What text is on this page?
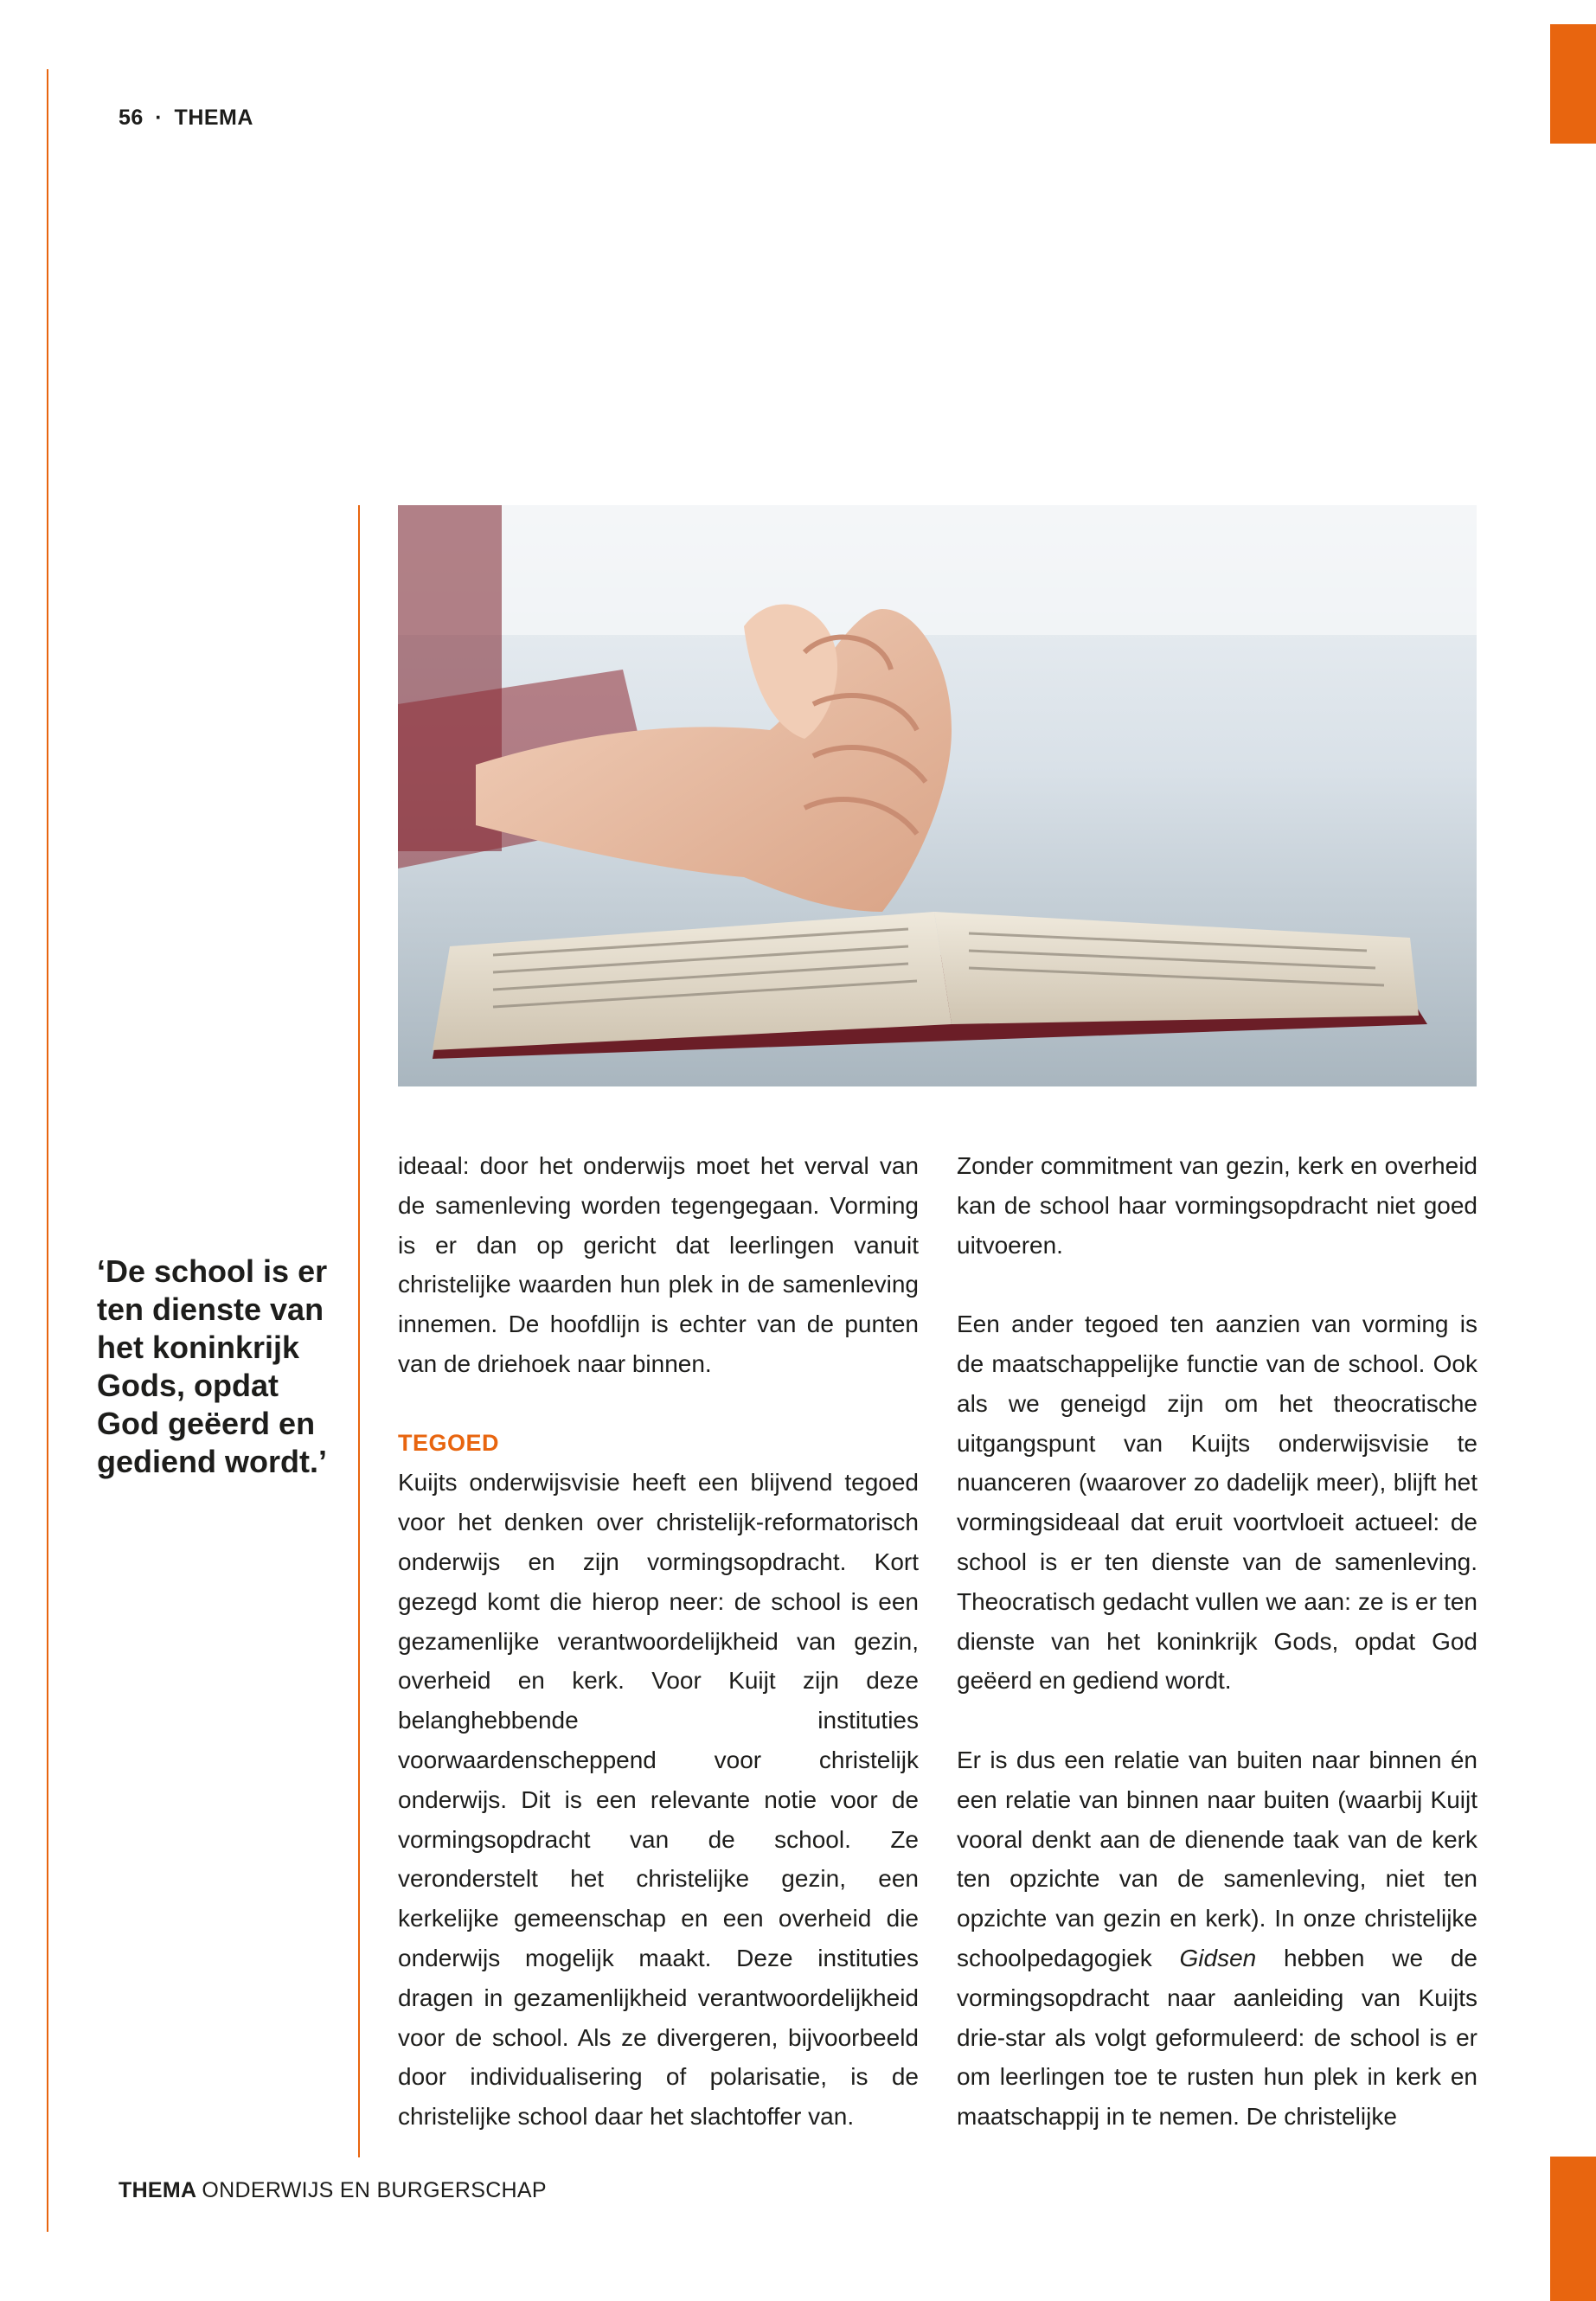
56 · THEMA
‘De school is er ten dienste van het koninkrijk Gods, opdat God geëerd en gediend wordt.’

ideaal: door het onderwijs moet het verval van de samenleving worden tegengegaan. Vorming is er dan op gericht dat leerlingen vanuit christelijke waarden hun plek in de samenleving innemen. De hoofdlijn is echter van de punten van de driehoek naar binnen.

TEGOED

Kuijts onderwijsvisie heeft een blijvend tegoed voor het denken over christelijk-reformatorisch onderwijs en zijn vormingsopdracht. Kort gezegd komt die hierop neer: de school is een gezamenlijke verantwoordelijkheid van gezin, overheid en kerk. Voor Kuijt zijn deze belanghebbende instituties voorwaardenscheppend voor christelijk onderwijs. Dit is een relevante notie voor de vormingsopdracht van de school. Ze veronderstelt het christelijke gezin, een kerkelijke gemeenschap en een overheid die onderwijs mogelijk maakt. Deze instituties dragen in gezamenlijkheid verantwoordelijkheid voor de school. Als ze divergeren, bijvoorbeeld door individualisering of polarisatie, is de christelijke school daar het slachtoffer van.

Zonder commitment van gezin, kerk en overheid kan de school haar vormingsopdracht niet goed uitvoeren.

Een ander tegoed ten aanzien van vorming is de maatschappelijke functie van de school. Ook als we geneigd zijn om het theocratische uitgangspunt van Kuijts onderwijsvisie te nuanceren (waarover zo dadelijk meer), blijft het vormingsideaal dat eruit voortvloeit actueel: de school is er ten dienste van de samenleving. Theocratisch gedacht vullen we aan: ze is er ten dienste van het koninkrijk Gods, opdat God geëerd en gediend wordt.

Er is dus een relatie van buiten naar binnen én een relatie van binnen naar buiten (waarbij Kuijt vooral denkt aan de dienende taak van de kerk ten opzichte van de samenleving, niet ten opzichte van gezin en kerk). In onze christelijke schoolpedagogiek Gidsen hebben we de vormingsopdracht naar aanleiding van Kuijts drie-star als volgt geformuleerd: de school is er om leerlingen toe te rusten hun plek in kerk en maatschappij in te nemen. De christelijke

THEMA ONDERWIJS EN BURGERSCHAP
